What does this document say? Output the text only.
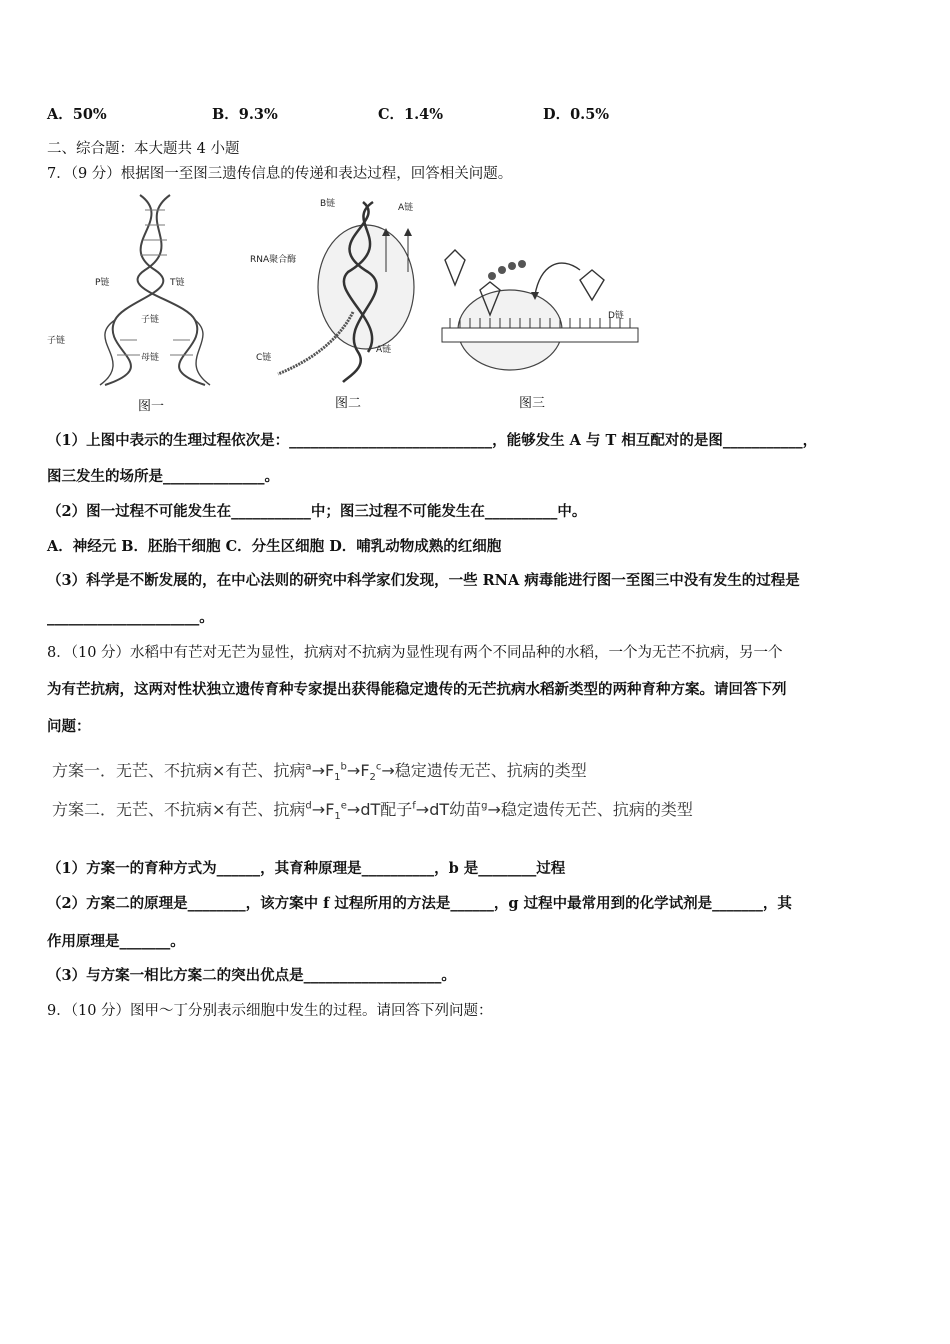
A．50%	B．9.3%	C．1.4%	D．0.5%
二、综合题：本大题共 4 小题
7．（9 分）根据图一至图三遗传信息的传递和表达过程，回答相关问题。
P链	T链
子链
子链
母链
图一
B链	A链
RNA聚合酶
C链
A链
图二
D链
图三
（1）上图中表示的生理过程依次是：____________________________，能够发生 A 与 T 相互配对的是图___________，
图三发生的场所是______________。
（2）图一过程不可能发生在___________中；图三过程不可能发生在__________中。
A．神经元 B．胚胎干细胞 C．分生区细胞 D．哺乳动物成熟的红细胞
（3）科学是不断发展的，在中心法则的研究中科学家们发现，一些 RNA 病毒能进行图一至图三中没有发生的过程是
_____________________。
8．（10 分）水稻中有芒对无芒为显性，抗病对不抗病为显性现有两个不同品种的水稻，一个为无芒不抗病，另一个
为有芒抗病，这两对性状独立遗传育种专家提出获得能稳定遗传的无芒抗病水稻新类型的两种育种方案。请回答下列
问题：
方案一．无芒、不抗病×有芒、抗病$^a\to F_1^b\to F_2^c\to$稳定遗传无芒、抗病的类型
方案二．无芒、不抗病×有芒、抗病$^d\to F_1^e\to dT$配子$^f$→dT幼苗$^g$→稳定遗传无芒、抗病的类型
（1）方案一的育种方式为______，其育种原理是__________，b 是________过程
（2）方案二的原理是________，该方案中 f 过程所用的方法是______，g 过程中最常用到的化学试剂是_______，其
作用原理是_______。
（3）与方案一相比方案二的突出优点是___________________。
9．（10 分）图甲～丁分别表示细胞中发生的过程。请回答下列问题：
